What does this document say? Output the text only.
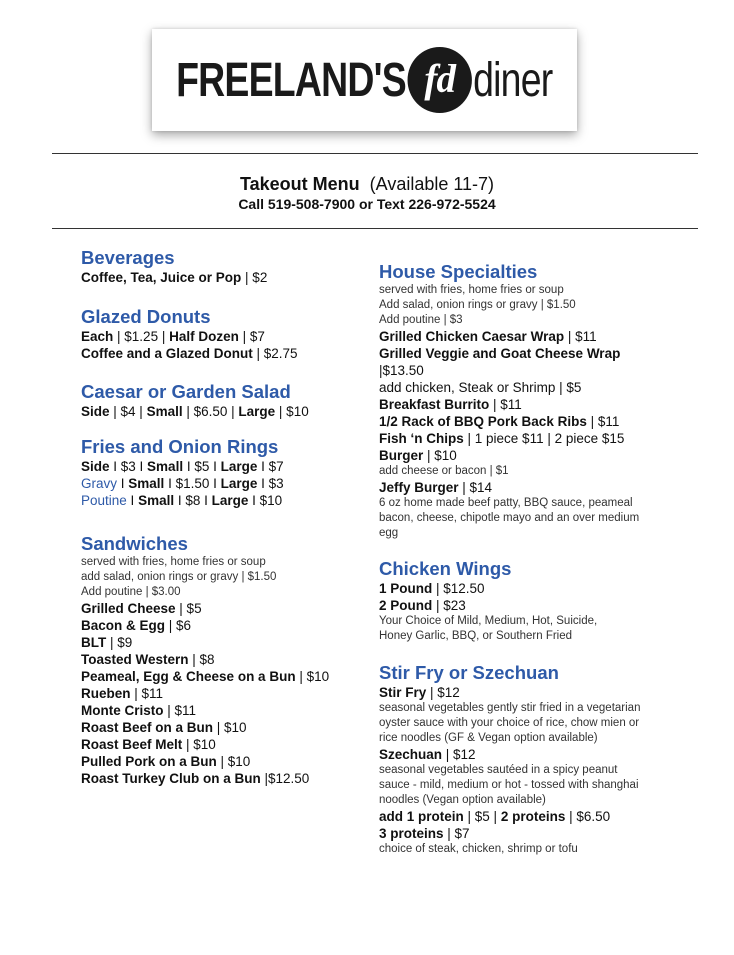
FREELAND'S fd diner
Takeout Menu (Available 11-7)
Call 519-508-7900 or Text 226-972-5524

Beverages

Coffee, Tea, Juice or Pop | $2

Glazed Donuts

Each | $1.25 | Half Dozen | $7

Coffee and a Glazed Donut | $2.75

Caesar or Garden Salad

Side | $4 | Small | $6.50 | Large | $10

Fries and Onion Rings

Side I $3 I Small I $5 I Large I $7

Gravy I Small I $1.50 I Large I $3

Poutine I Small I $8 I Large I $10

Sandwiches

served with fries, home fries or soup

add salad, onion rings or gravy | $1.50

Add poutine | $3.00

Grilled Cheese | $5

Bacon & Egg | $6

BLT | $9

Toasted Western | $8

Peameal, Egg & Cheese on a Bun | $10

Rueben | $11

Monte Cristo | $11

Roast Beef on a Bun | $10

Roast Beef Melt | $10

Pulled Pork on a Bun | $10

Roast Turkey Club on a Bun |$12.50

House Specialties

served with fries, home fries or soup

Add salad, onion rings or gravy | $1.50

Add poutine | $3

Grilled Chicken Caesar Wrap | $11

Grilled Veggie and Goat Cheese Wrap

|$13.50

add chicken, Steak or Shrimp | $5

Breakfast Burrito | $11

1/2 Rack of BBQ Pork Back Ribs | $11

Fish ‘n Chips | 1 piece $11 | 2 piece $15

Burger | $10

add cheese or bacon | $1

Jeffy Burger | $14

6 oz home made beef patty, BBQ sauce, peameal bacon, cheese, chipotle mayo and an over medium egg

Chicken Wings

1 Pound | $12.50

2 Pound | $23

Your Choice of Mild, Medium, Hot, Suicide, Honey Garlic, BBQ, or Southern Fried

Stir Fry or Szechuan

Stir Fry | $12

seasonal vegetables gently stir fried in a vegetarian oyster sauce with your choice of rice, chow mien or rice noodles (GF & Vegan option available)

Szechuan | $12

seasonal vegetables sautéed in a spicy peanut sauce - mild, medium or hot - tossed with shanghai noodles (Vegan option available)

add 1 protein | $5 | 2 proteins | $6.50

3 proteins | $7

choice of steak, chicken, shrimp or tofu
